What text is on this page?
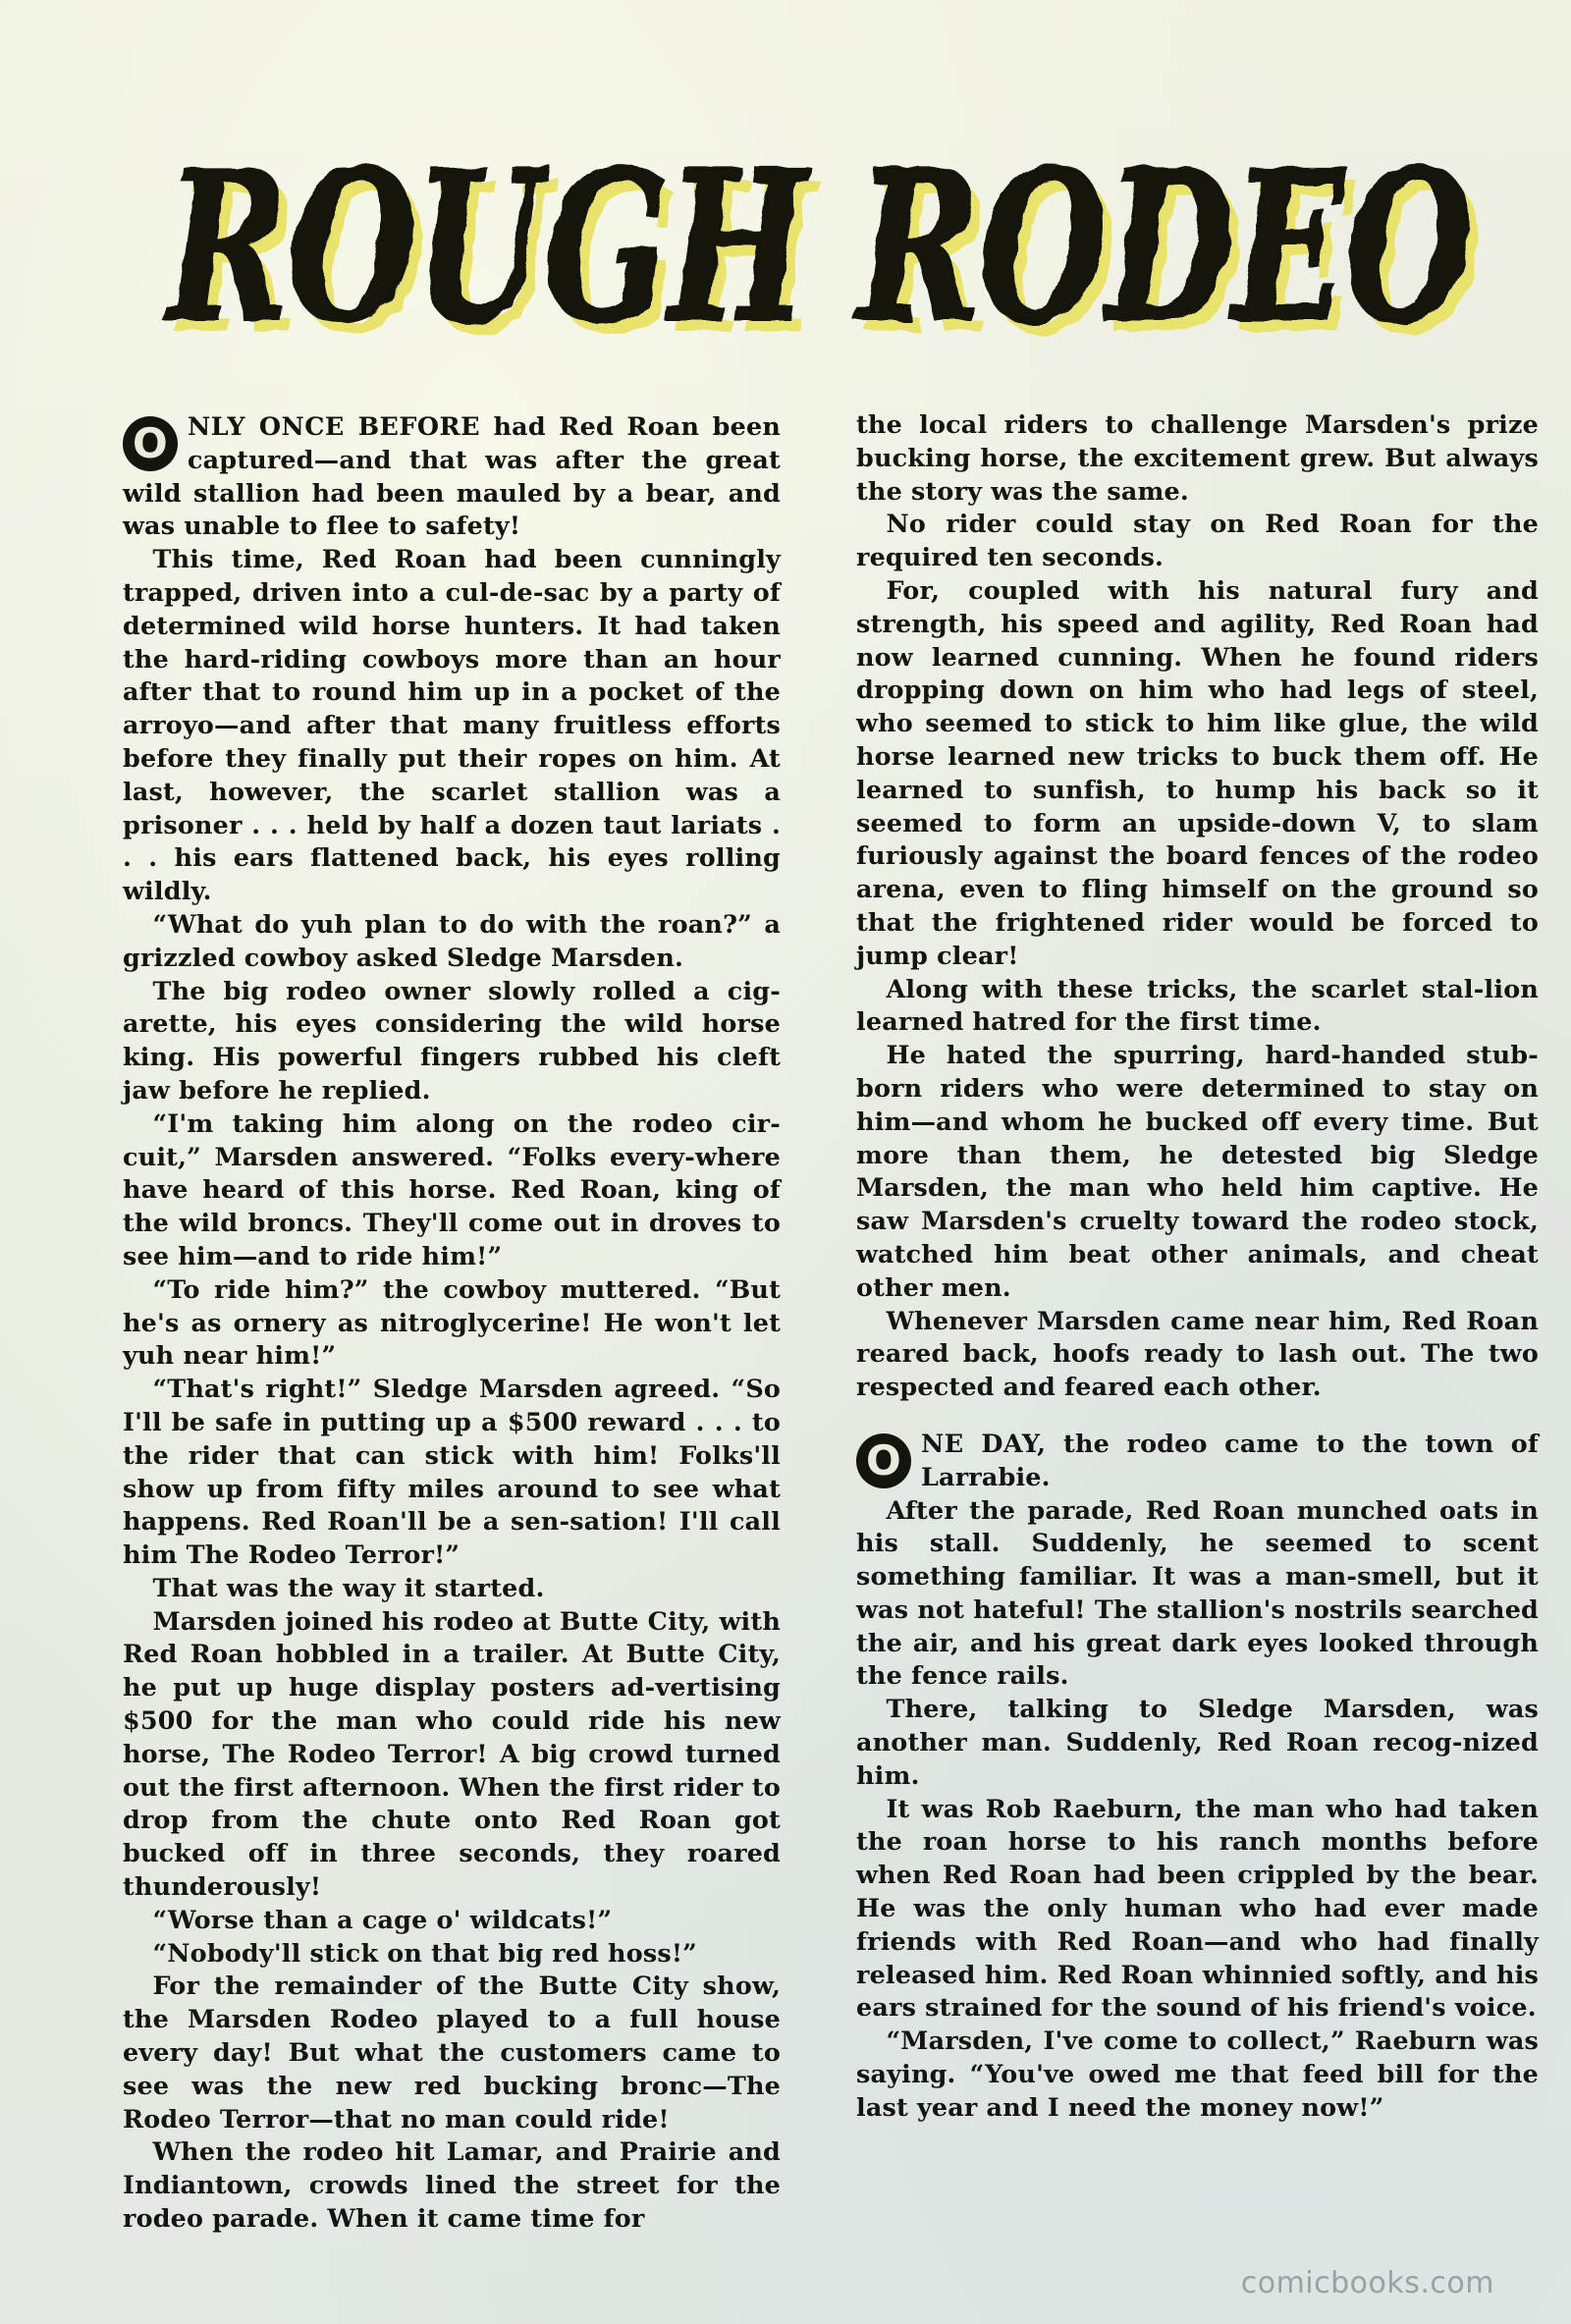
ROUGH RODEO
ROUGH RODEO

O NLY ONCE BEFORE had Red Roan been captured—and that was after the great wild stallion had been mauled by a bear, and was unable to flee to safety!

This time, Red Roan had been cunningly trapped, driven into a cul-de-sac by a party of determined wild horse hunters. It had taken the hard-riding cowboys more than an hour after that to round him up in a pocket of the arroyo—and after that many fruitless efforts before they finally put their ropes on him. At last, however, the scarlet stallion was a prisoner . . . held by half a dozen taut lariats . . . his ears flattened back, his eyes rolling wildly.

“What do yuh plan to do with the roan?” a grizzled cowboy asked Sledge Marsden.

The big rodeo owner slowly rolled a cig-arette, his eyes considering the wild horse king. His powerful fingers rubbed his cleft jaw before he replied.

“I'm taking him along on the rodeo cir-cuit,” Marsden answered. “Folks every-where have heard of this horse. Red Roan, king of the wild broncs. They'll come out in droves to see him—and to ride him!”

“To ride him?” the cowboy muttered. “But he's as ornery as nitroglycerine! He won't let yuh near him!”

“That's right!” Sledge Marsden agreed. “So I'll be safe in putting up a $500 reward . . . to the rider that can stick with him! Folks'll show up from fifty miles around to see what happens. Red Roan'll be a sen-sation! I'll call him The Rodeo Terror!”

That was the way it started.

Marsden joined his rodeo at Butte City, with Red Roan hobbled in a trailer. At Butte City, he put up huge display posters ad-vertising $500 for the man who could ride his new horse, The Rodeo Terror! A big crowd turned out the first afternoon. When the first rider to drop from the chute onto Red Roan got bucked off in three seconds, they roared thunderously!

“Worse than a cage o' wildcats!”

“Nobody'll stick on that big red hoss!”

For the remainder of the Butte City show, the Marsden Rodeo played to a full house every day! But what the customers came to see was the new red bucking bronc—The Rodeo Terror—that no man could ride!

When the rodeo hit Lamar, and Prairie and Indiantown, crowds lined the street for the rodeo parade. When it came time for

the local riders to challenge Marsden's prize bucking horse, the excitement grew. But always the story was the same.

No rider could stay on Red Roan for the required ten seconds.

For, coupled with his natural fury and strength, his speed and agility, Red Roan had now learned cunning. When he found riders dropping down on him who had legs of steel, who seemed to stick to him like glue, the wild horse learned new tricks to buck them off. He learned to sunfish, to hump his back so it seemed to form an upside-down V, to slam furiously against the board fences of the rodeo arena, even to fling himself on the ground so that the frightened rider would be forced to jump clear!

Along with these tricks, the scarlet stal-lion learned hatred for the first time.

He hated the spurring, hard-handed stub-born riders who were determined to stay on him—and whom he bucked off every time. But more than them, he detested big Sledge Marsden, the man who held him captive. He saw Marsden's cruelty toward the rodeo stock, watched him beat other animals, and cheat other men.

Whenever Marsden came near him, Red Roan reared back, hoofs ready to lash out. The two respected and feared each other.

O NE DAY, the rodeo came to the town of Larrabie.

After the parade, Red Roan munched oats in his stall. Suddenly, he seemed to scent something familiar. It was a man-smell, but it was not hateful! The stallion's nostrils searched the air, and his great dark eyes looked through the fence rails.

There, talking to Sledge Marsden, was another man. Suddenly, Red Roan recog-nized him.

It was Rob Raeburn, the man who had taken the roan horse to his ranch months before when Red Roan had been crippled by the bear. He was the only human who had ever made friends with Red Roan—and who had finally released him. Red Roan whinnied softly, and his ears strained for the sound of his friend's voice.

“Marsden, I've come to collect,” Raeburn was saying. “You've owed me that feed bill for the last year and I need the money now!”

comicbooks.com
